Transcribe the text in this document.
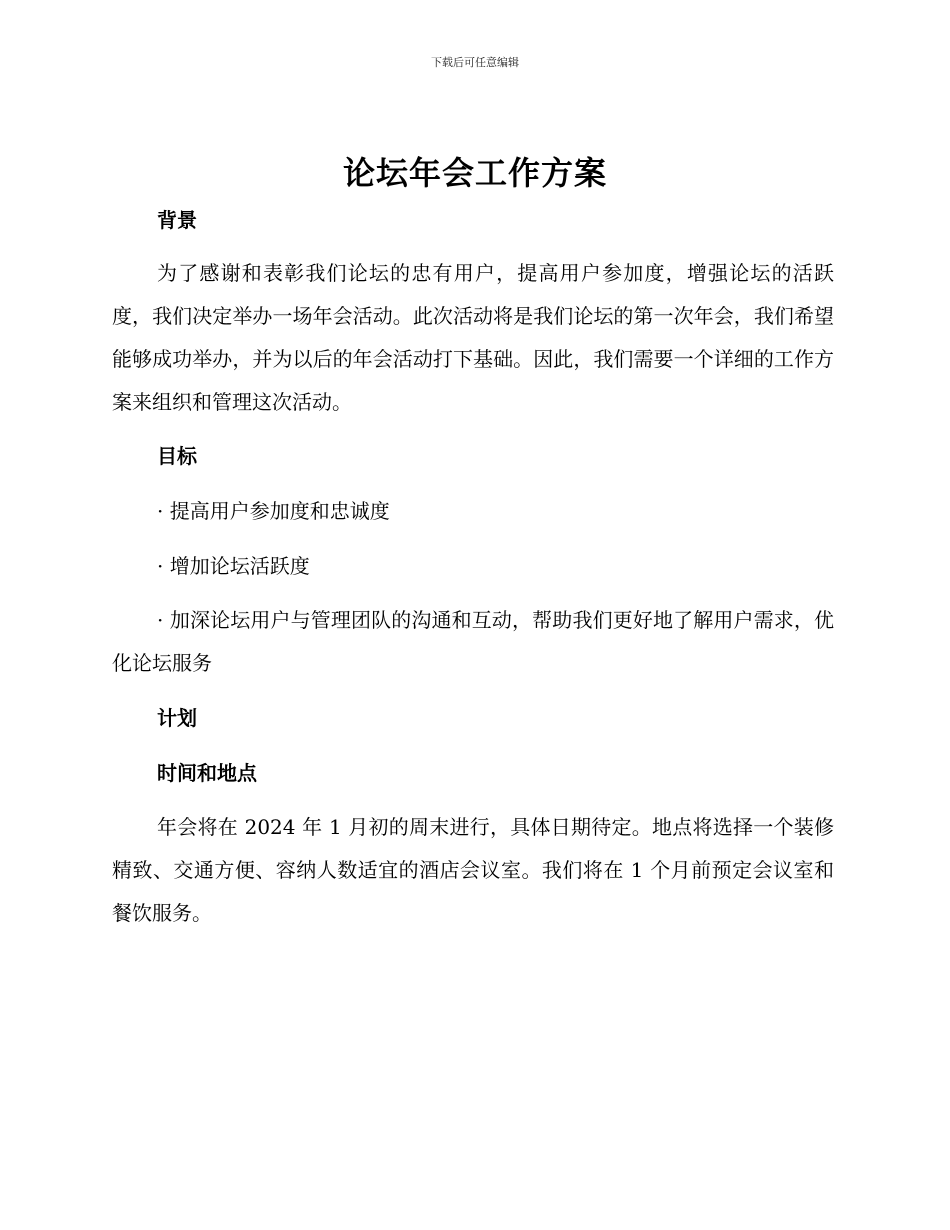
下载后可任意编辑
论坛年会工作方案
背景

为了感谢和表彰我们论坛的忠有用户，提高用户参加度，增强论坛的活跃度，我们决定举办一场年会活动。此次活动将是我们论坛的第一次年会，我们希望能够成功举办，并为以后的年会活动打下基础。因此，我们需要一个详细的工作方案来组织和管理这次活动。

目标
· 提高用户参加度和忠诚度
· 增加论坛活跃度
· 加深论坛用户与管理团队的沟通和互动，帮助我们更好地了解用户需求，优化论坛服务
计划
时间和地点

年会将在 2024 年 1 月初的周末进行，具体日期待定。地点将选择一个装修精致、交通方便、容纳人数适宜的酒店会议室。我们将在 1 个月前预定会议室和餐饮服务。
